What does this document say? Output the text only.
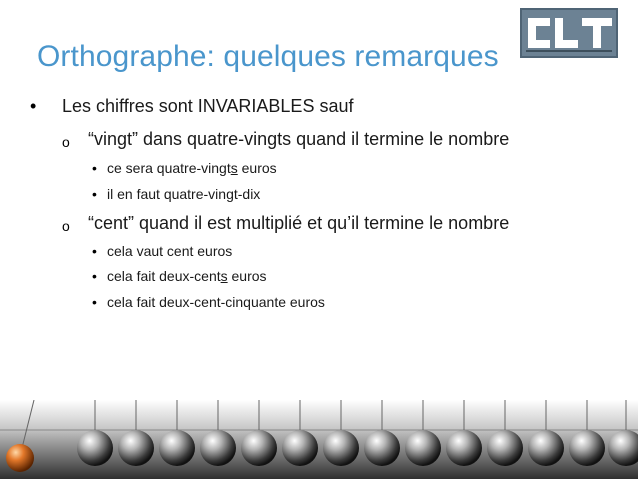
Orthographe: quelques remarques
• Les chiffres sont INVARIABLES sauf
o “vingt” dans quatre-vingts quand il termine le nombre
• ce sera quatre-vingts euros
• il en faut quatre-vingt-dix
o “cent” quand il est multiplié et qu’il termine le nombre
• cela vaut cent euros
• cela fait deux-cents euros
• cela fait deux-cent-cinquante euros
